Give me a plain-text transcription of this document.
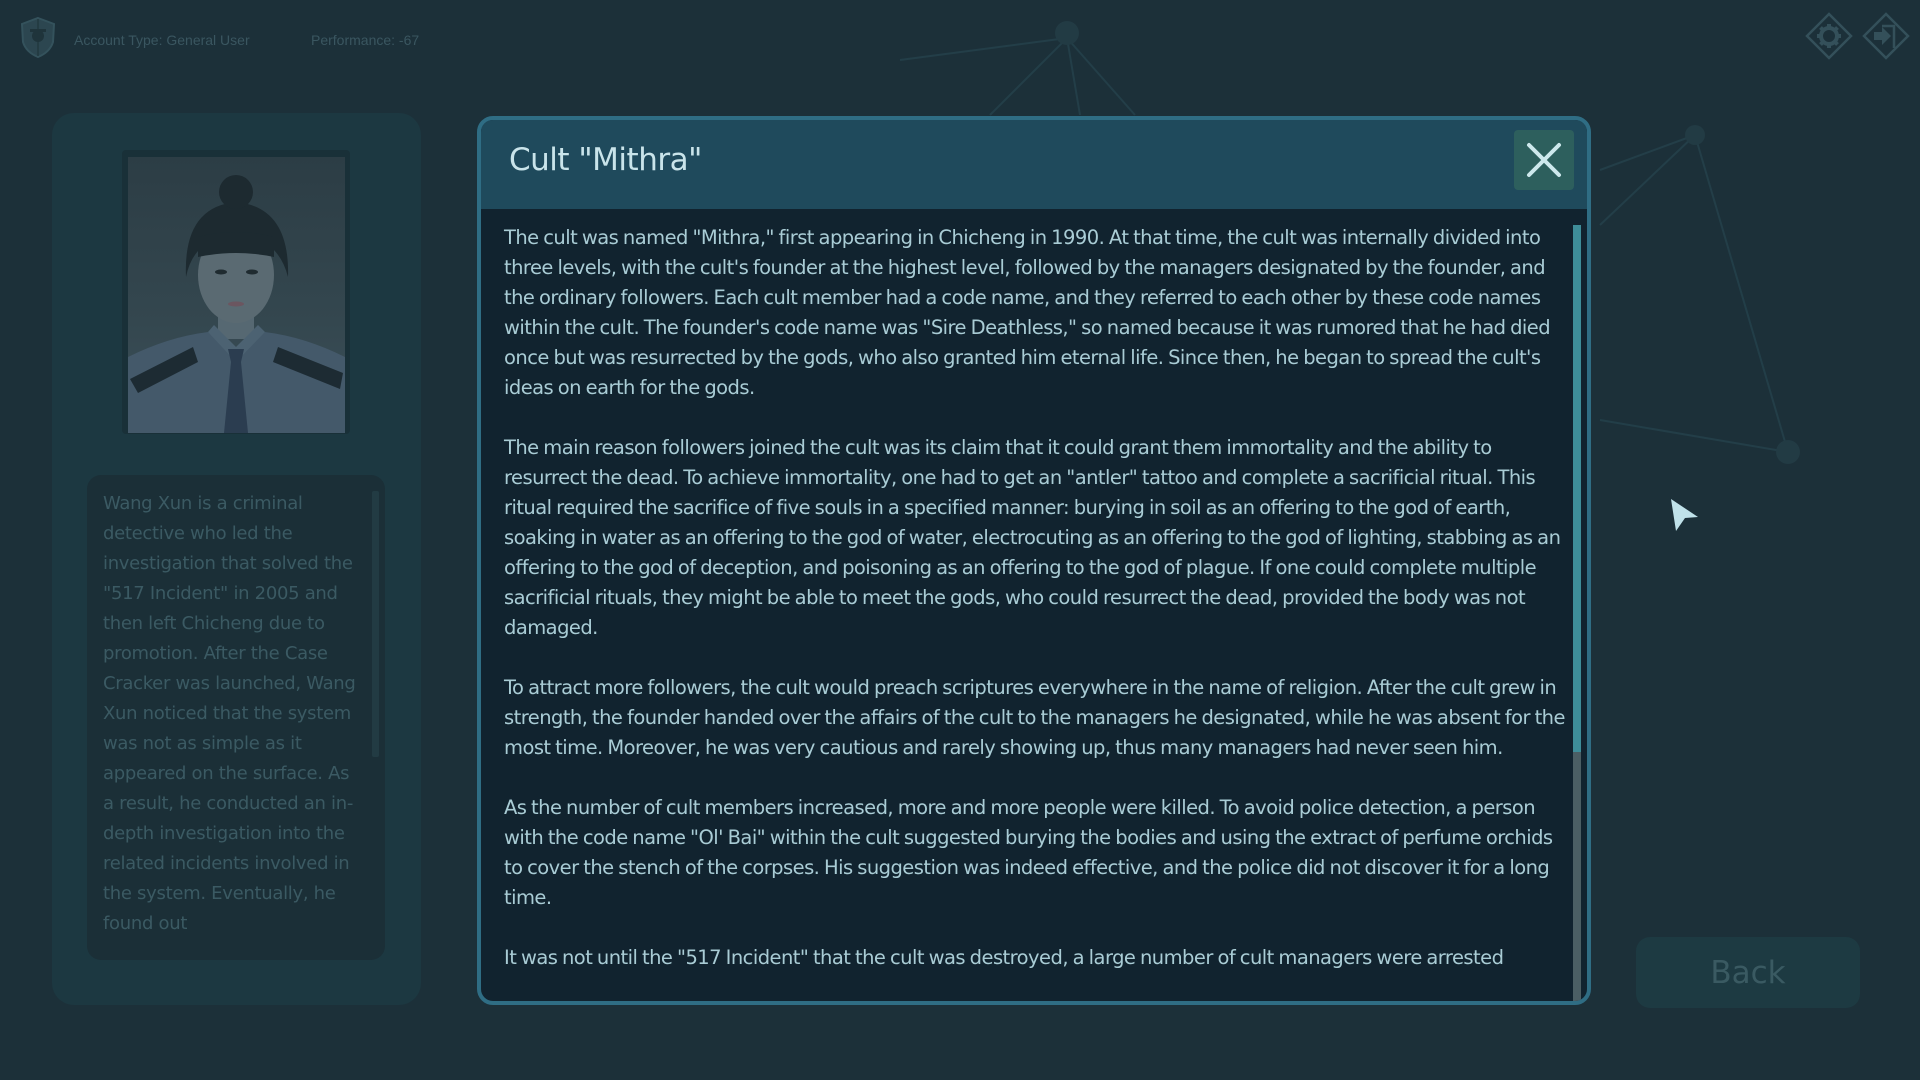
Account Type: General User	Performance: -67
Wang Xun is a criminal detective who led the investigation that solved the "517 Incident" in 2005 and then left Chicheng due to promotion. After the Case Cracker was launched, Wang Xun noticed that the system was not as simple as it appeared on the surface. As a result, he conducted an in-depth investigation into the related incidents involved in the system. Eventually, he found out
Cult "Mithra"

The cult was named "Mithra," first appearing in Chicheng in 1990. At that time, the cult was internally divided into three levels, with the cult's founder at the highest level, followed by the managers designated by the founder, and the ordinary followers. Each cult member had a code name, and they referred to each other by these code names within the cult. The founder's code name was "Sire Deathless," so named because it was rumored that he had died once but was resurrected by the gods, who also granted him eternal life. Since then, he began to spread the cult's ideas on earth for the gods.

The main reason followers joined the cult was its claim that it could grant them immortality and the ability to resurrect the dead. To achieve immortality, one had to get an "antler" tattoo and complete a sacrificial ritual. This ritual required the sacrifice of five souls in a specified manner: burying in soil as an offering to the god of earth, soaking in water as an offering to the god of water, electrocuting as an offering to the god of lighting, stabbing as an offering to the god of deception, and poisoning as an offering to the god of plague. If one could complete multiple sacrificial rituals, they might be able to meet the gods, who could resurrect the dead, provided the body was not damaged.

To attract more followers, the cult would preach scriptures everywhere in the name of religion. After the cult grew in strength, the founder handed over the affairs of the cult to the managers he designated, while he was absent for the most time. Moreover, he was very cautious and rarely showing up, thus many managers had never seen him.

As the number of cult members increased, more and more people were killed. To avoid police detection, a person with the code name "Ol' Bai" within the cult suggested burying the bodies and using the extract of perfume orchids to cover the stench of the corpses. His suggestion was indeed effective, and the police did not discover it for a long time.

It was not until the "517 Incident" that the cult was destroyed, a large number of cult managers were arrested	Back
